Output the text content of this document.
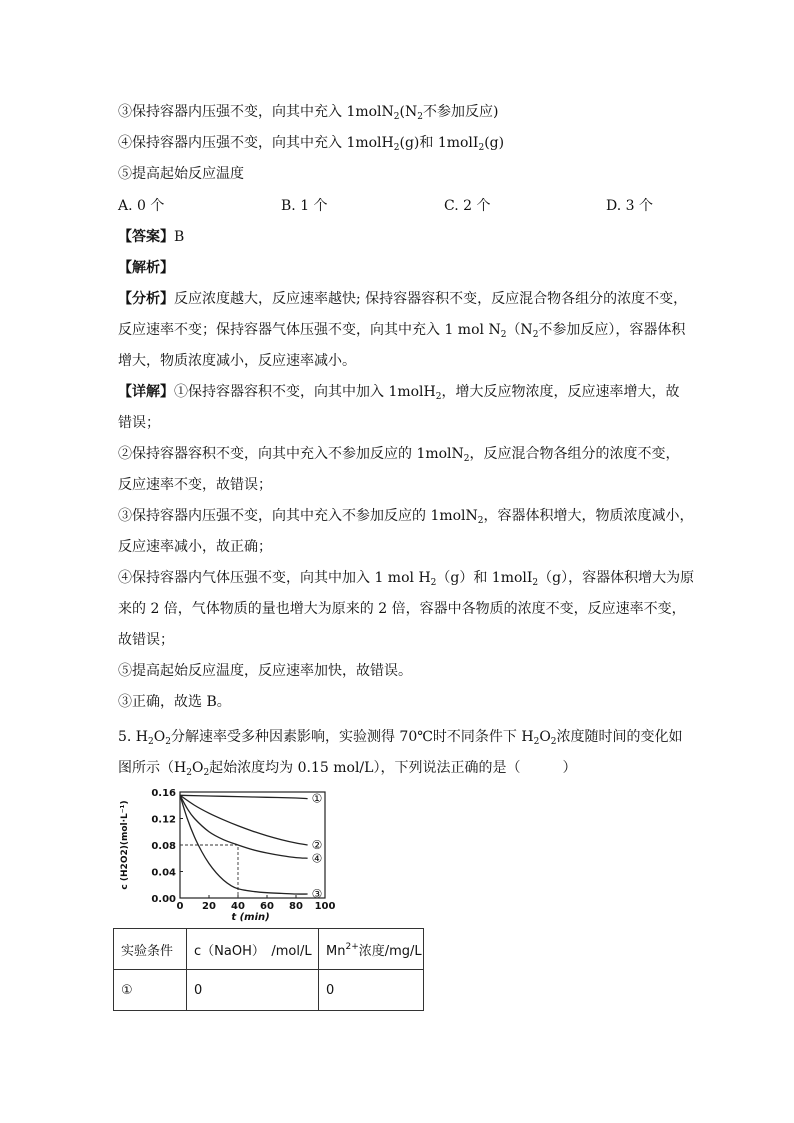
③保持容器内压强不变，向其中充入 $1molN_2(N_2$不参加反应)
④保持容器内压强不变，向其中充入 1molH$_2$(g)和 1molI$_2$(g)
⑤提高起始反应温度
A. 0 个	B. 1 个	C. 2 个	D. 3 个
【答案】B
【解析】
【分析】反应浓度越大，反应速率越快; 保持容器容积不变，反应混合物各组分的浓度不变，
反应速率不变；保持容器气体压强不变，向其中充入 1 mol $N_2(N_2$不参加反应），容器体积
增大，物质浓度减小，反应速率减小。
【详解】①保持容器容积不变，向其中加入 1molH$_2$，增大反应物浓度，反应速率增大，故
错误；
②保持容器容积不变，向其中充入不参加反应的 1molN$_2$，反应混合物各组分的浓度不变，
反应速率不变，故错误；
③保持容器内压强不变，向其中充入不参加反应的 1molN$_2$，容器体积增大，物质浓度减小，
反应速率减小，故正确；
④保持容器内气体压强不变，向其中加入 1 mol $H_2(g)$和 1molI$_2$（g），容器体积增大为原
来的 2 倍，气体物质的量也增大为原来的 2 倍，容器中各物质的浓度不变，反应速率不变，
故错误；
⑤提高起始反应温度，反应速率加快，故错误。
③正确，故选 B。
5. $H_2O_2$分解速率受多种因素影响，实验测得 70℃时不同条件下 $H_2O_2$浓度随时间的变化如
图所示（$H_2O_2$起始浓度均为 0.15 mol/L），下列说法正确的是（　　　）
0 20 40 60 80 100
0.00
0.04
0.08
0.12
0.16
t (min)
c (H2O2)(mol·L⁻¹)
①
②
④
③
实验条件	c（NaOH）　/mol/L	$Mn^{2+}$浓度/mg/L
①	0	0
